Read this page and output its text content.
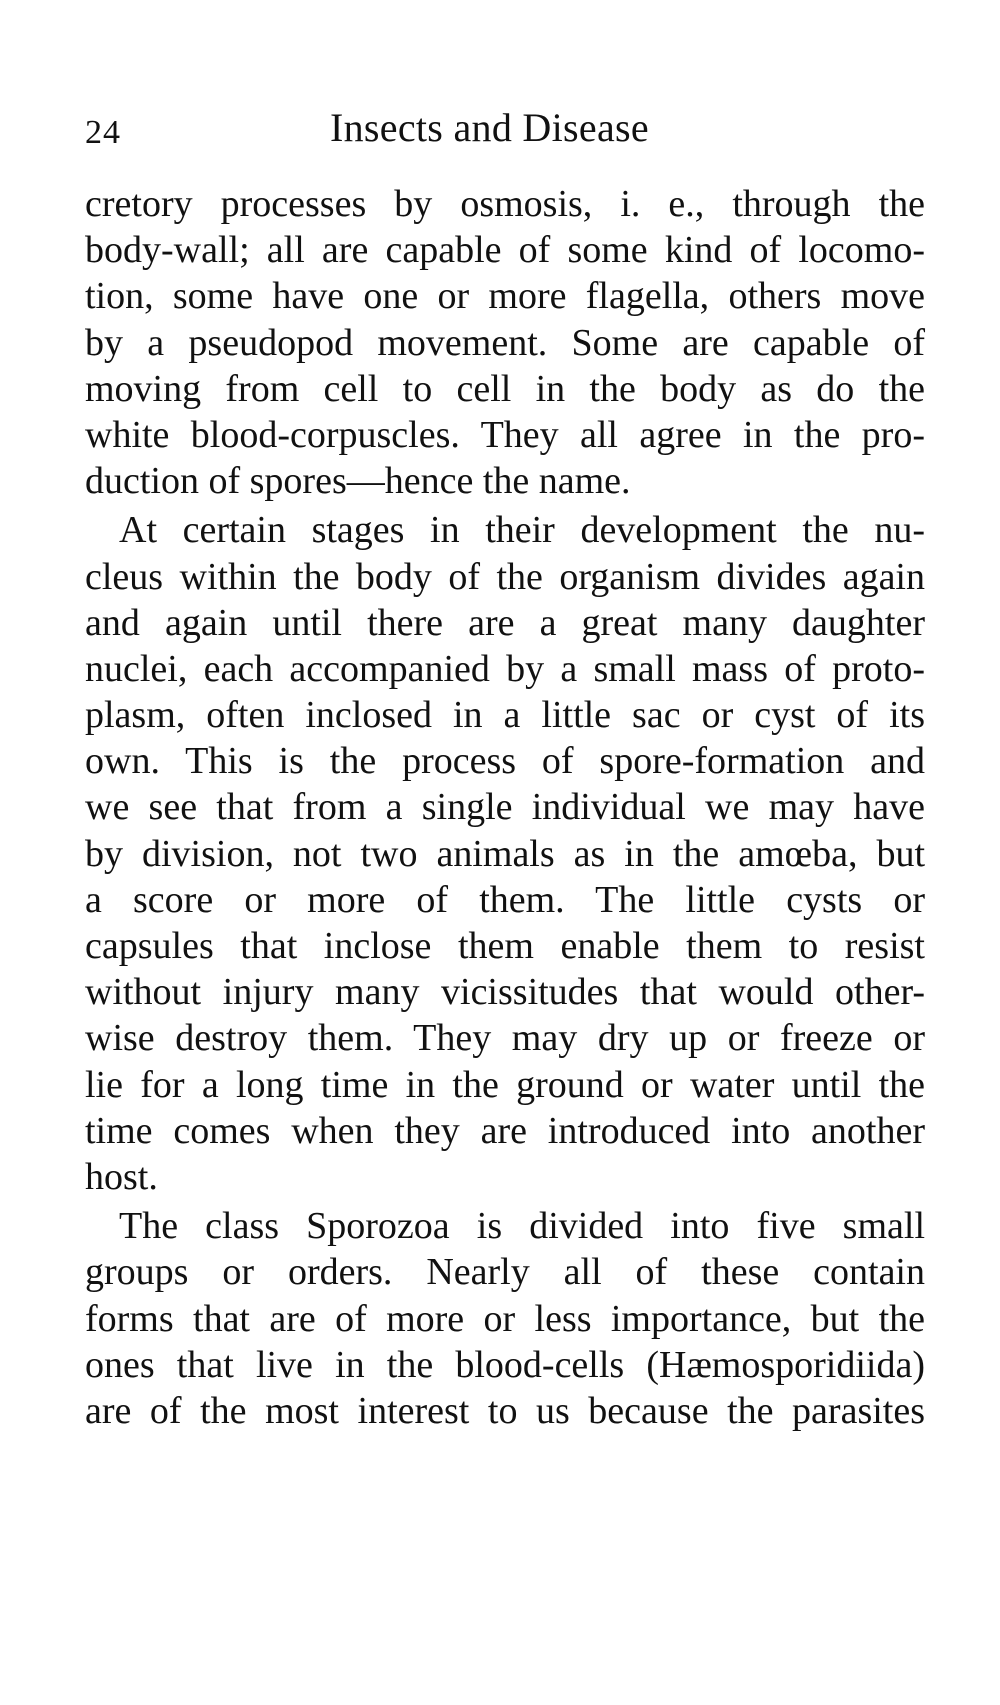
24	Insects and Disease
cretory processes by osmosis, i. e., through the
body-wall; all are capable of some kind of locomo-
tion, some have one or more flagella, others move
by a pseudopod movement. Some are capable of
moving from cell to cell in the body as do the
white blood-corpuscles. They all agree in the pro-
duction of spores—hence the name.
At certain stages in their development the nu-
cleus within the body of the organism divides again
and again until there are a great many daughter
nuclei, each accompanied by a small mass of proto-
plasm, often inclosed in a little sac or cyst of its
own. This is the process of spore-formation and
we see that from a single individual we may have
by division, not two animals as in the amœba, but
a score or more of them. The little cysts or
capsules that inclose them enable them to resist
without injury many vicissitudes that would other-
wise destroy them. They may dry up or freeze or
lie for a long time in the ground or water until the
time comes when they are introduced into another
host.
The class Sporozoa is divided into five small
groups or orders. Nearly all of these contain
forms that are of more or less importance, but the
ones that live in the blood-cells (Hæmosporidiida)
are of the most interest to us because the parasites
